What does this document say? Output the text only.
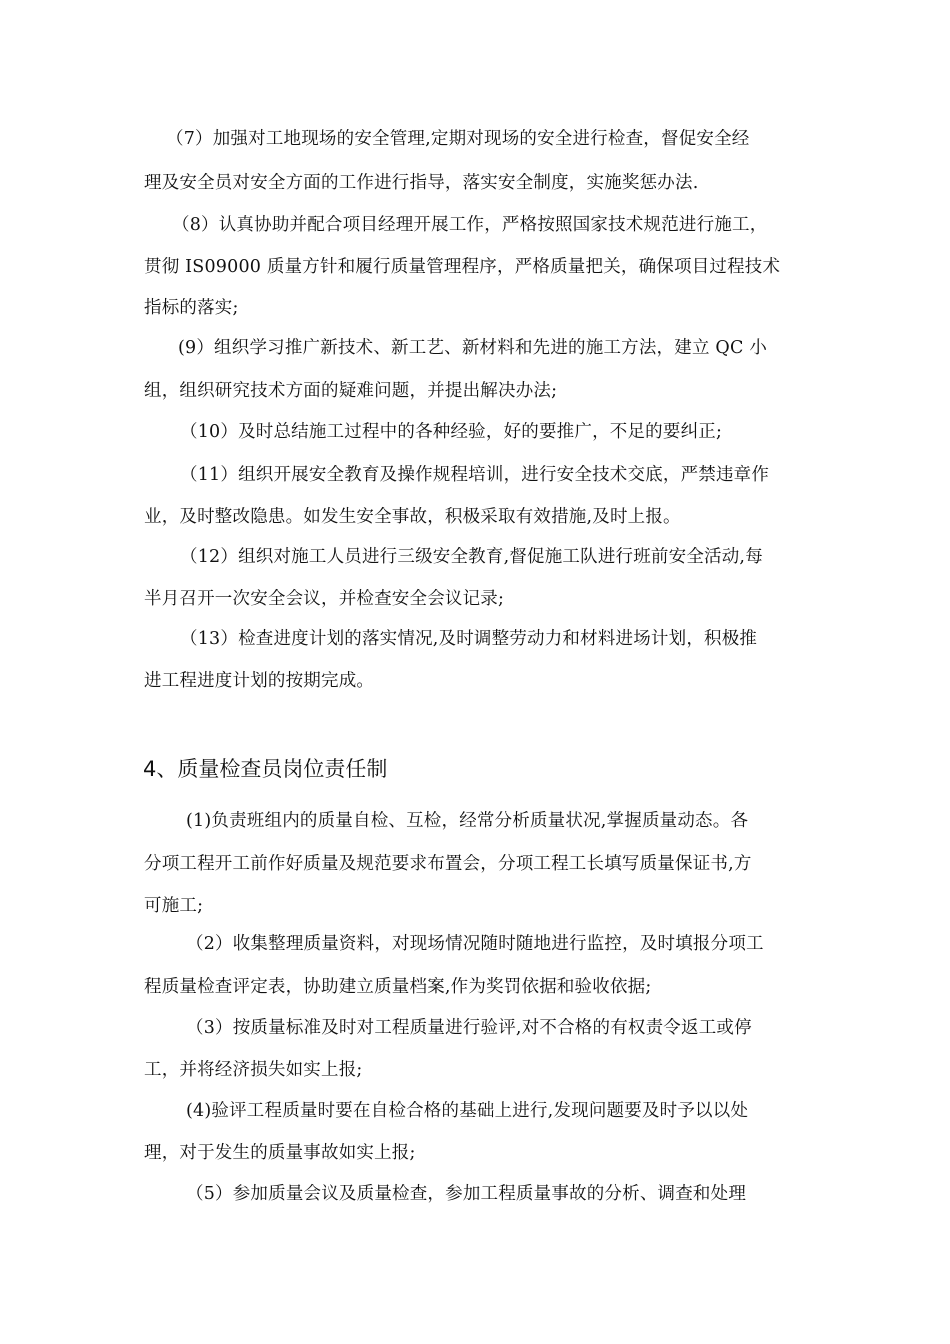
（7）加强对工地现场的安全管理,定期对现场的安全进行检查，督促安全经
理及安全员对安全方面的工作进行指导，落实安全制度，实施奖惩办法.
（8）认真协助并配合项目经理开展工作，严格按照国家技术规范进行施工，
贯彻 IS09000 质量方针和履行质量管理程序，严格质量把关，确保项目过程技术
指标的落实;
(9）组织学习推广新技术、新工艺、新材料和先进的施工方法，建立 QC 小
组，组织研究技术方面的疑难问题，并提出解决办法;
（10）及时总结施工过程中的各种经验，好的要推广，不足的要纠正;
（11）组织开展安全教育及操作规程培训，进行安全技术交底，严禁违章作
业，及时整改隐患。如发生安全事故，积极采取有效措施,及时上报。
（12）组织对施工人员进行三级安全教育,督促施工队进行班前安全活动,每
半月召开一次安全会议，并检查安全会议记录;
（13）检查进度计划的落实情况,及时调整劳动力和材料进场计划，积极推
进工程进度计划的按期完成。
4、质量检查员岗位责任制
(1)负责班组内的质量自检、互检，经常分析质量状况,掌握质量动态。各
分项工程开工前作好质量及规范要求布置会，分项工程工长填写质量保证书,方
可施工;
（2）收集整理质量资料，对现场情况随时随地进行监控，及时填报分项工
程质量检查评定表，协助建立质量档案,作为奖罚依据和验收依据;
（3）按质量标准及时对工程质量进行验评,对不合格的有权责令返工或停
工，并将经济损失如实上报;
(4)验评工程质量时要在自检合格的基础上进行,发现问题要及时予以以处
理，对于发生的质量事故如实上报;
（5）参加质量会议及质量检查，参加工程质量事故的分析、调查和处理
